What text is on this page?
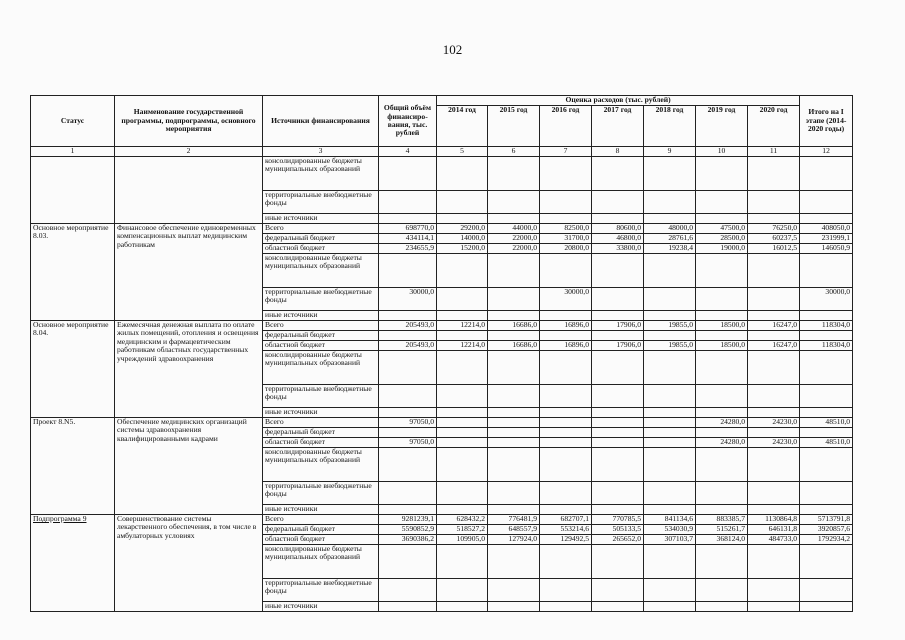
102
Статус	Наименование государственной программы, подпрограммы, основного мероприятия	Источники финансирования	Общий объём финансиро-вания, тыс. рублей	Оценка расходов (тыс. рублей)							Итого на I этапе (2014-2020 годы)
				2014 год	2015 год	2016 год	2017 год	2018 год	2019 год	2020 год	
1	2	3	4	5	6	7	8	9	10	11	12
		консолидированные бюджеты муниципальных образований									
		территориальные внебюджетные фонды									
		иные источники									
Основное мероприятие 8.03.	Финансовое обеспечение единовременных компенсационных выплат медицинским работникам	Всего	698770,0	29200,0	44000,0	82500,0	80600,0	48000,0	47500,0	76250,0	408050,0
		федеральный бюджет	434114,1	14000,0	22000,0	31700,0	46800,0	28761,6	28500,0	60237,5	231999,1
		областной бюджет	234655,9	15200,0	22000,0	20800,0	33800,0	19238,4	19000,0	16012,5	146050,9
		консолидированные бюджеты муниципальных образований									
		территориальные внебюджетные фонды	30000,0			30000,0					30000,0
		иные источники									
Основное мероприятие 8.04.	Ежемесячная денежная выплата по оплате жилых помещений, отопления и освещения медицинским и фармацевтическим работникам областных государственных учреждений здравоохранения	Всего	205493,0	12214,0	16686,0	16896,0	17906,0	19855,0	18500,0	16247,0	118304,0
		федеральный бюджет									
		областной бюджет	205493,0	12214,0	16686,0	16896,0	17906,0	19855,0	18500,0	16247,0	118304,0
		консолидированные бюджеты муниципальных образований									
		территориальные внебюджетные фонды									
		иные источники									
Проект 8.N5.	Обеспечение медицинских организаций системы здравоохранения квалифицированными кадрами	Всего	97050,0						24280,0	24230,0	48510,0
		федеральный бюджет									
		областной бюджет	97050,0						24280,0	24230,0	48510,0
		консолидированные бюджеты муниципальных образований									
		территориальные внебюджетные фонды									
		иные источники									
Подпрограмма 9	Совершенствование системы лекарственного обеспечения, в том числе в амбулаторных условиях	Всего	9281239,1	628432,2	776481,9	682707,1	770785,5	841134,6	883385,7	1130864,8	5713791,8
		федеральный бюджет	5590852,9	518527,2	648557,9	553214,6	505133,5	534030,9	515261,7	646131,8	3920857,6
		областной бюджет	3690386,2	109905,0	127924,0	129492,5	265652,0	307103,7	368124,0	484733,0	1792934,2
		консолидированные бюджеты муниципальных образований									
		территориальные внебюджетные фонды									
		иные источники									
